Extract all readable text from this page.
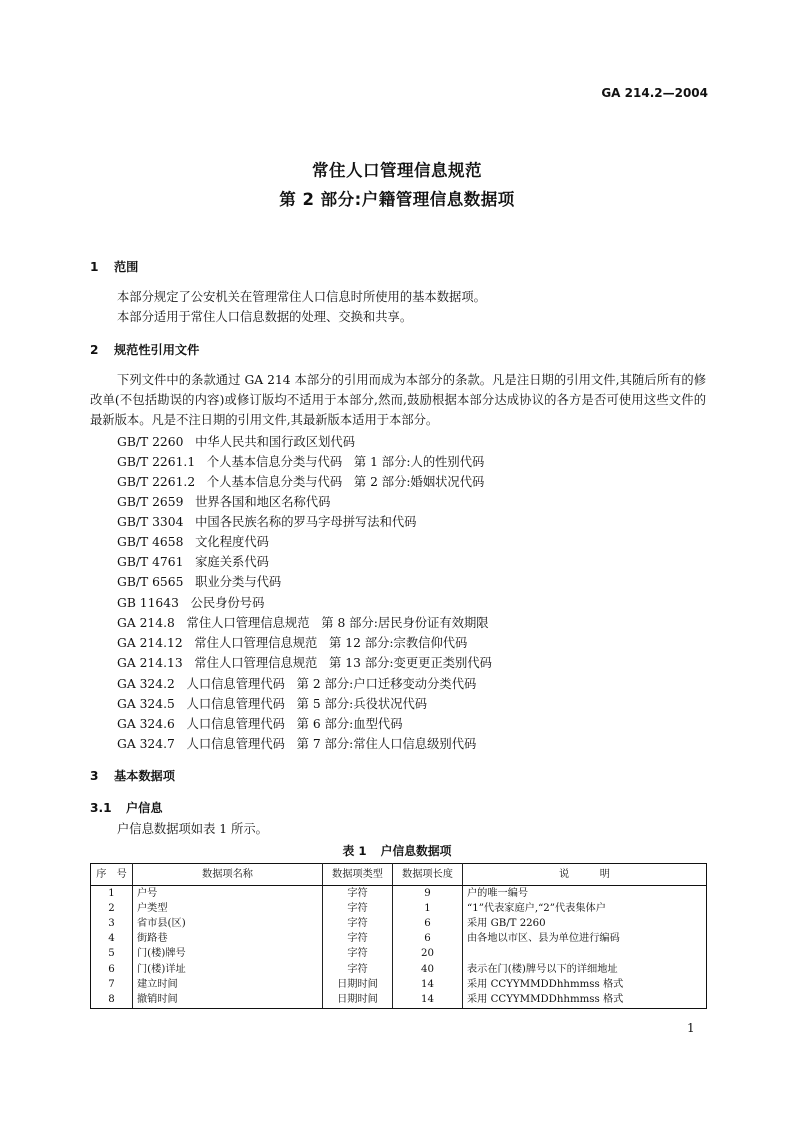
GA 214.2—2004
常住人口管理信息规范
第 2 部分:户籍管理信息数据项
1 范围
本部分规定了公安机关在管理常住人口信息时所使用的基本数据项。
本部分适用于常住人口信息数据的处理、交换和共享。
2 规范性引用文件
下列文件中的条款通过 GA 214 本部分的引用而成为本部分的条款。凡是注日期的引用文件,其随后所有的修改单(不包括勘误的内容)或修订版均不适用于本部分,然而,鼓励根据本部分达成协议的各方是否可使用这些文件的最新版本。凡是不注日期的引用文件,其最新版本适用于本部分。
GB/T 2260   中华人民共和国行政区划代码
GB/T 2261.1   个人基本信息分类与代码   第 1 部分:人的性别代码
GB/T 2261.2   个人基本信息分类与代码   第 2 部分:婚姻状况代码
GB/T 2659   世界各国和地区名称代码
GB/T 3304   中国各民族名称的罗马字母拼写法和代码
GB/T 4658   文化程度代码
GB/T 4761   家庭关系代码
GB/T 6565   职业分类与代码
GB 11643   公民身份号码
GA 214.8   常住人口管理信息规范   第 8 部分:居民身份证有效期限
GA 214.12   常住人口管理信息规范   第 12 部分:宗教信仰代码
GA 214.13   常住人口管理信息规范   第 13 部分:变更更正类别代码
GA 324.2   人口信息管理代码   第 2 部分:户口迁移变动分类代码
GA 324.5   人口信息管理代码   第 5 部分:兵役状况代码
GA 324.6   人口信息管理代码   第 6 部分:血型代码
GA 324.7   人口信息管理代码   第 7 部分:常住人口信息级别代码
3 基本数据项
3.1 户信息
户信息数据项如表 1 所示。
表 1 户信息数据项
序　号	数据项名称	数据项类型	数据项长度	说　　　明
1	户号	字符	9	户的唯一编号
2	户类型	字符	1	“1”代表家庭户,“2”代表集体户
3	省市县(区)	字符	6	采用 GB/T 2260
4	街路巷	字符	6	由各地以市区、县为单位进行编码
5	门(楼)牌号	字符	20	
6	门(楼)详址	字符	40	表示在门(楼)牌号以下的详细地址
7	建立时间	日期时间	14	采用 CCYYMMDDhhmmss 格式
8	撤销时间	日期时间	14	采用 CCYYMMDDhhmmss 格式
1
